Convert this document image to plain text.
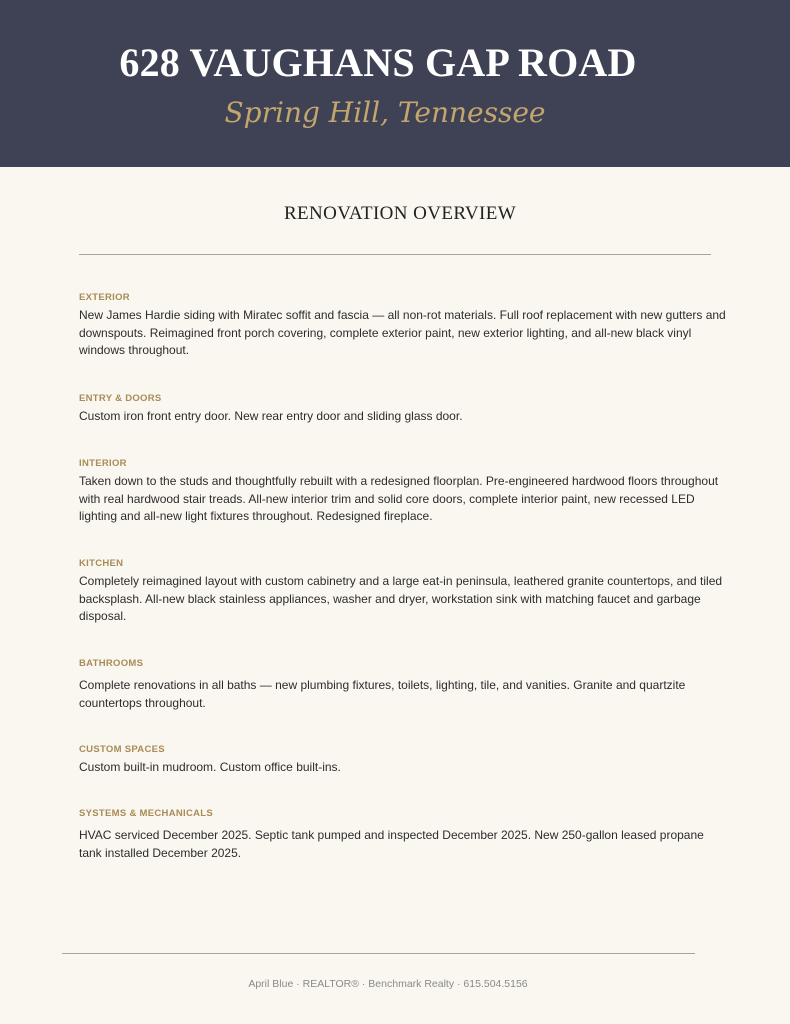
628 VAUGHANS GAP ROAD
Spring Hill, Tennessee
RENOVATION OVERVIEW
EXTERIOR
New James Hardie siding with Miratec soffit and fascia — all non-rot materials. Full roof replacement with new gutters and downspouts. Reimagined front porch covering, complete exterior paint, new exterior lighting, and all-new black vinyl windows throughout.
ENTRY & DOORS
Custom iron front entry door. New rear entry door and sliding glass door.
INTERIOR
Taken down to the studs and thoughtfully rebuilt with a redesigned floorplan. Pre-engineered hardwood floors throughout with real hardwood stair treads. All-new interior trim and solid core doors, complete interior paint, new recessed LED lighting and all-new light fixtures throughout. Redesigned fireplace.
KITCHEN
Completely reimagined layout with custom cabinetry and a large eat-in peninsula, leathered granite countertops, and tiled backsplash. All-new black stainless appliances, washer and dryer, workstation sink with matching faucet and garbage disposal.
BATHROOMS
Complete renovations in all baths — new plumbing fixtures, toilets, lighting, tile, and vanities. Granite and quartzite countertops throughout.
CUSTOM SPACES
Custom built-in mudroom. Custom office built-ins.
SYSTEMS & MECHANICALS
HVAC serviced December 2025. Septic tank pumped and inspected December 2025. New 250-gallon leased propane tank installed December 2025.
April Blue · REALTOR® · Benchmark Realty · 615.504.5156
